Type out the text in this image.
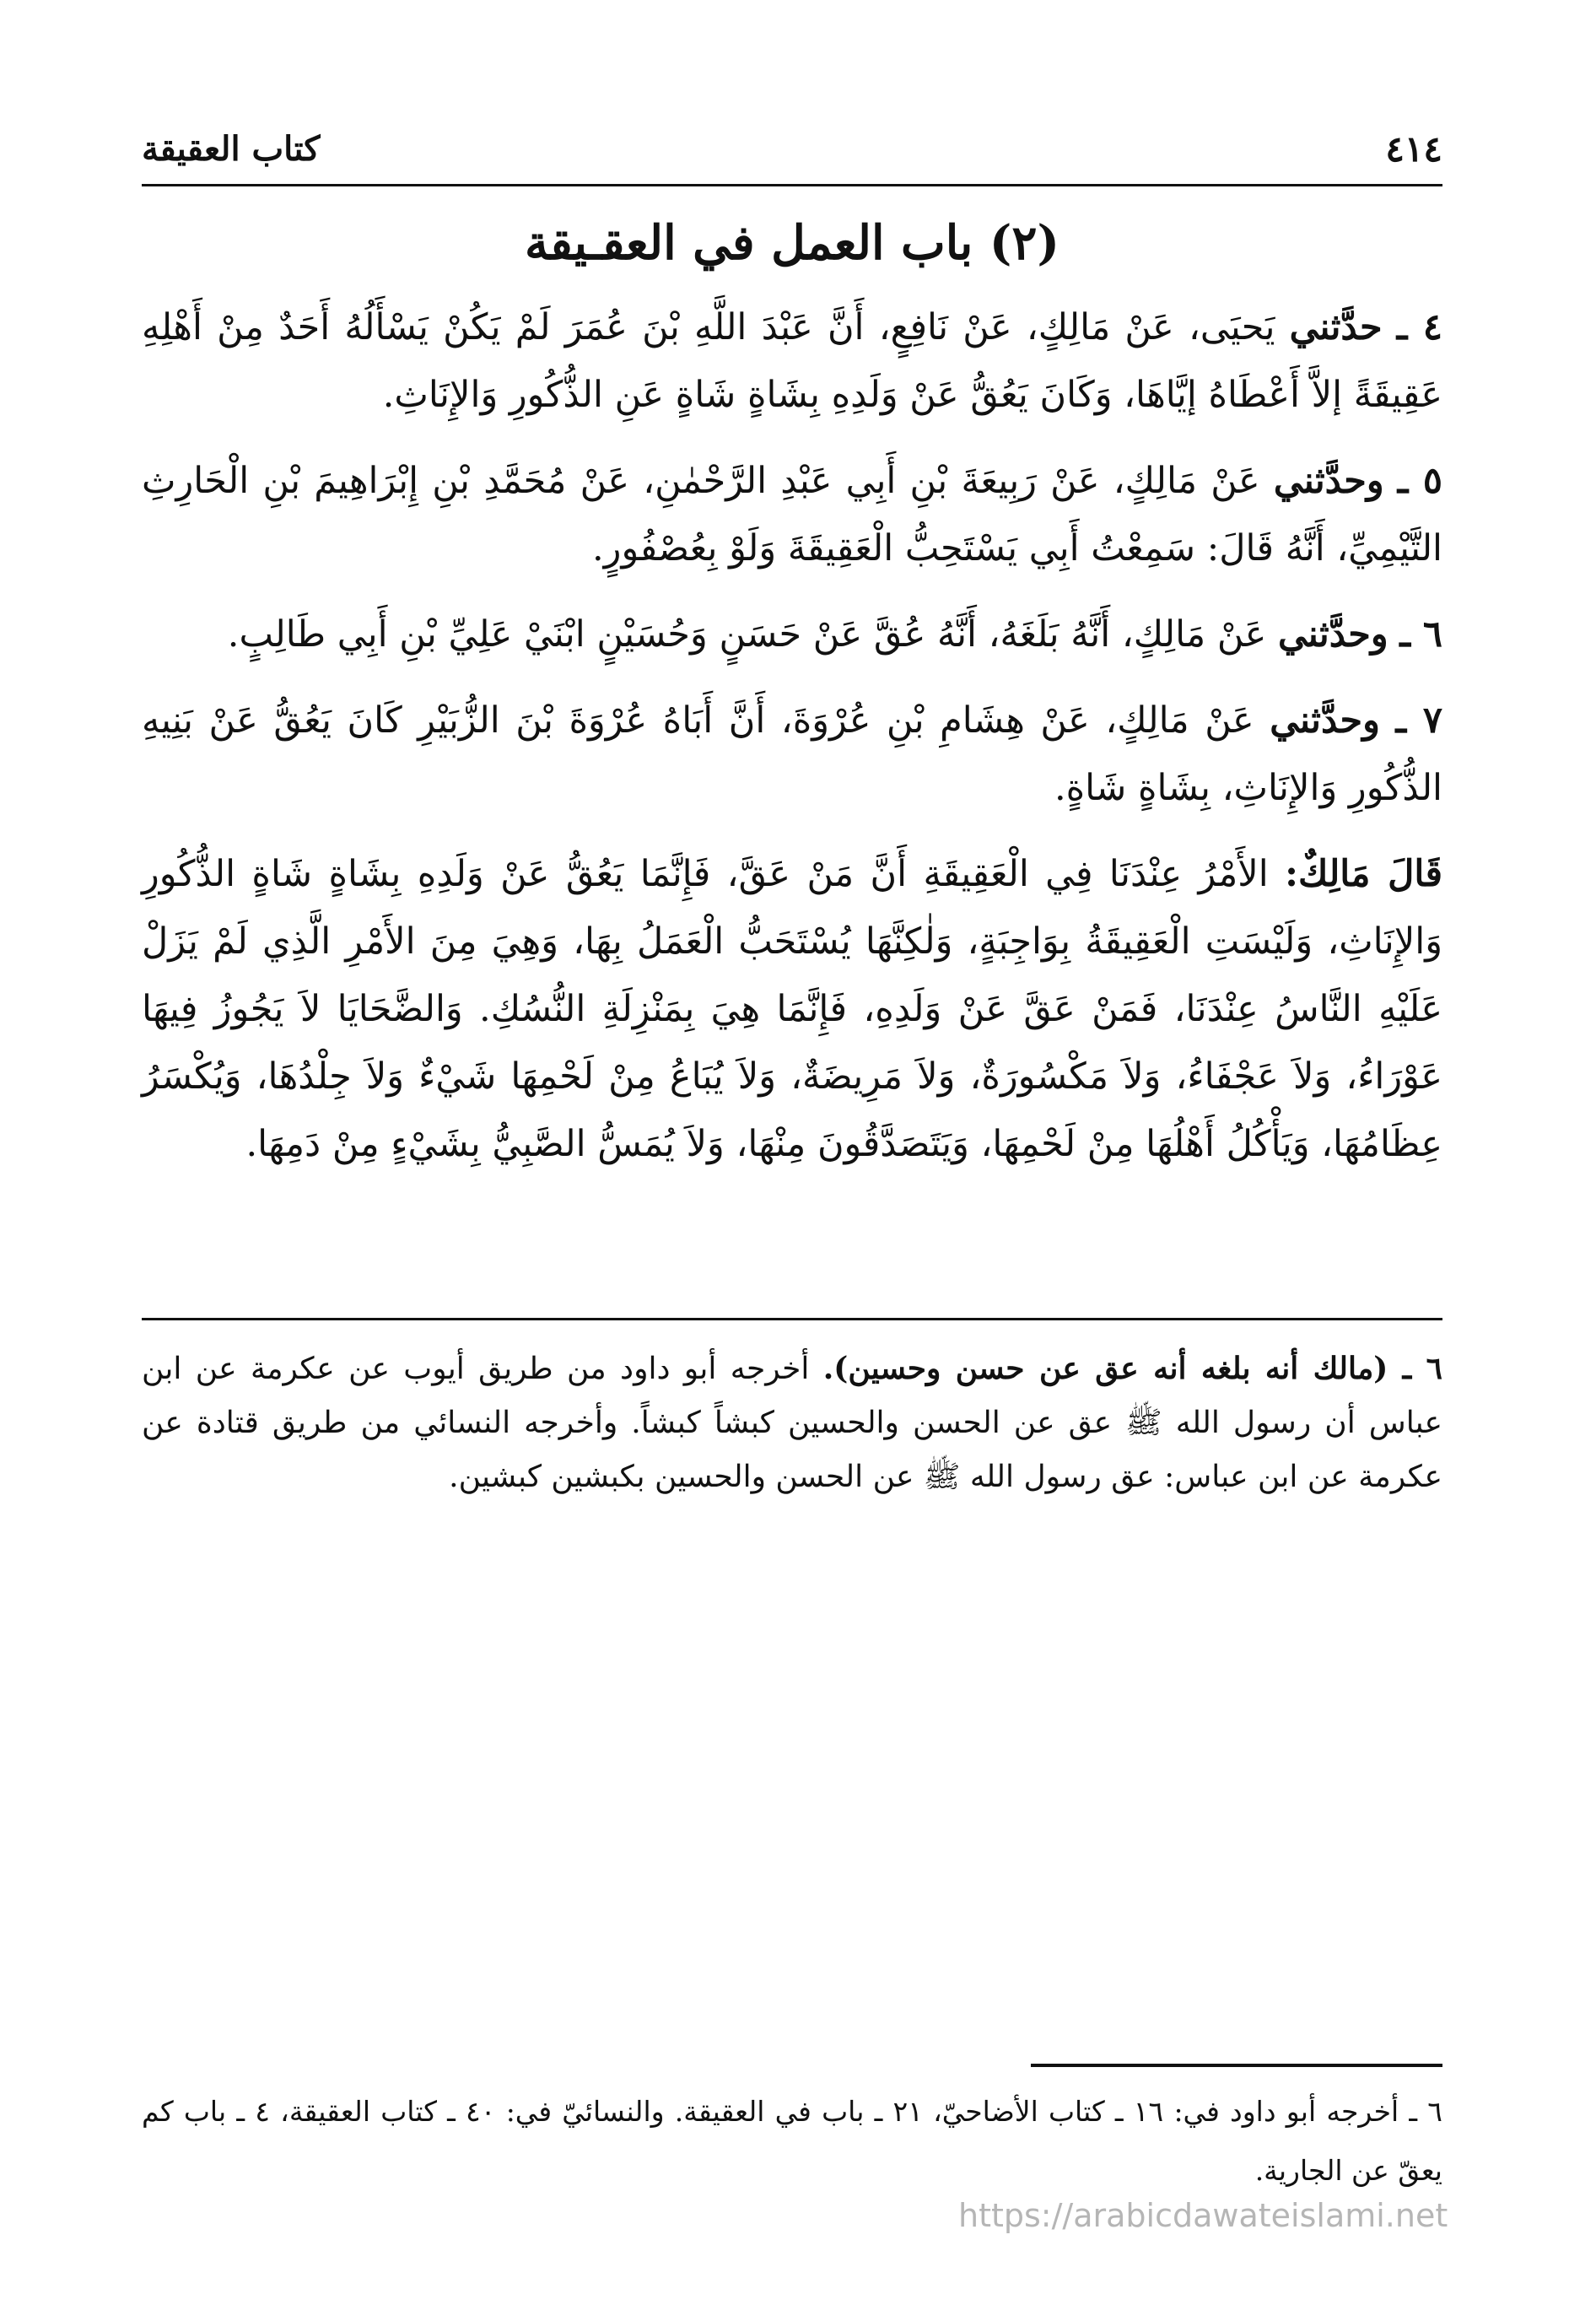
٤١٤
كتاب العقيقة
(٢) باب العمل في العقـيقة

٤ ـ حدَّثني يَحيَى، عَنْ مَالِكٍ، عَنْ نَافِعٍ، أَنَّ عَبْدَ اللَّهِ بْنَ عُمَرَ لَمْ يَكُنْ يَسْأَلُهُ أَحَدٌ مِنْ أَهْلِهِ عَقِيقَةً إلاَّ أَعْطَاهُ إيَّاهَا، وَكَانَ يَعُقُّ عَنْ وَلَدِهِ بِشَاةٍ شَاةٍ عَنِ الذُّكُورِ وَالإِنَاثِ.

٥ ـ وحدَّثني عَنْ مَالِكٍ، عَنْ رَبِيعَةَ بْنِ أَبِي عَبْدِ الرَّحْمٰنِ، عَنْ مُحَمَّدِ بْنِ إِبْرَاهِيمَ بْنِ الْحَارِثِ التَّيْمِيِّ، أَنَّهُ قَالَ: سَمِعْتُ أَبِي يَسْتَحِبُّ الْعَقِيقَةَ وَلَوْ بِعُصْفُورٍ.

٦ ـ وحدَّثني عَنْ مَالِكٍ، أَنَّهُ بَلَغَهُ، أَنَّهُ عُقَّ عَنْ حَسَنٍ وَحُسَيْنٍ ابْنَيْ عَلِيِّ بْنِ أَبِي طَالِبٍ.

٧ ـ وحدَّثني عَنْ مَالِكٍ، عَنْ هِشَامِ بْنِ عُرْوَةَ، أَنَّ أَبَاهُ عُرْوَةَ بْنَ الزُّبَيْرِ كَانَ يَعُقُّ عَنْ بَنِيهِ الذُّكُورِ وَالإِنَاثِ، بِشَاةٍ شَاةٍ.

قَالَ مَالِكٌ: الأَمْرُ عِنْدَنَا فِي الْعَقِيقَةِ أَنَّ مَنْ عَقَّ، فَإِنَّمَا يَعُقُّ عَنْ وَلَدِهِ بِشَاةٍ شَاةٍ الذُّكُورِ وَالإِنَاثِ، وَلَيْسَتِ الْعَقِيقَةُ بِوَاجِبَةٍ، وَلٰكِنَّهَا يُسْتَحَبُّ الْعَمَلُ بِهَا، وَهِيَ مِنَ الأَمْرِ الَّذِي لَمْ يَزَلْ عَلَيْهِ النَّاسُ عِنْدَنَا، فَمَنْ عَقَّ عَنْ وَلَدِهِ، فَإِنَّمَا هِيَ بِمَنْزِلَةِ النُّسُكِ. وَالضَّحَايَا لاَ يَجُوزُ فِيهَا عَوْرَاءُ، وَلاَ عَجْفَاءُ، وَلاَ مَكْسُورَةٌ، وَلاَ مَرِيضَةٌ، وَلاَ يُبَاعُ مِنْ لَحْمِهَا شَيْءٌ وَلاَ جِلْدُهَا، وَيُكْسَرُ عِظَامُهَا، وَيَأْكُلُ أَهْلُهَا مِنْ لَحْمِهَا، وَيَتَصَدَّقُونَ مِنْهَا، وَلاَ يُمَسُّ الصَّبِيُّ بِشَيْءٍ مِنْ دَمِهَا.

٦ ـ (مالك أنه بلغه أنه عق عن حسن وحسين). أخرجه أبو داود من طريق أيوب عن عكرمة عن ابن عباس أن رسول الله ﷺ عق عن الحسن والحسين كبشاً كبشاً. وأخرجه النسائي من طريق قتادة عن عكرمة عن ابن عباس: عق رسول الله ﷺ عن الحسن والحسين بكبشين كبشين.

٦ ـ أخرجه أبو داود في: ١٦ ـ كتاب الأضاحيّ، ٢١ ـ باب في العقيقة. والنسائيّ في: ٤٠ ـ كتاب العقيقة، ٤ ـ باب كم يعقّ عن الجارية.

https://arabicdawateislami.net
